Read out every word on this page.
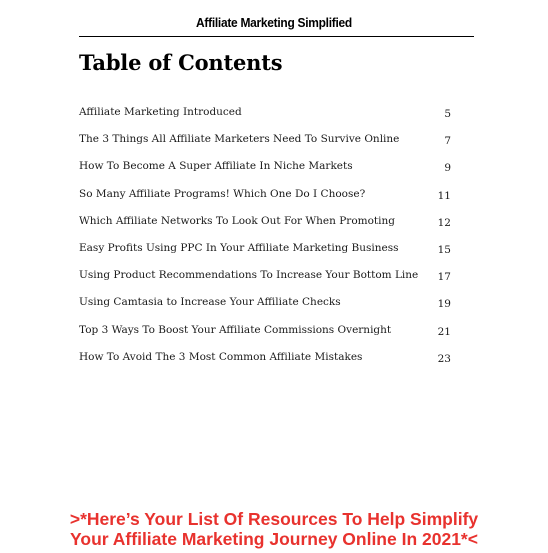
Affiliate Marketing Simplified
Table of Contents
Affiliate Marketing Introduced	5
The 3 Things All Affiliate Marketers Need To Survive Online	7
How To Become A Super Affiliate In Niche Markets	9
So Many Affiliate Programs! Which One Do I Choose?	11
Which Affiliate Networks To Look Out For When Promoting	12
Easy Profits Using PPC In Your Affiliate Marketing Business	15
Using Product Recommendations To Increase Your Bottom Line 17
Using Camtasia to Increase Your Affiliate Checks	19
Top 3 Ways To Boost Your Affiliate Commissions Overnight	21
How To Avoid The 3 Most Common Affiliate Mistakes	23
>*Here’s Your List Of Resources To Help Simplify
Your Affiliate Marketing Journey Online In 2021*<
